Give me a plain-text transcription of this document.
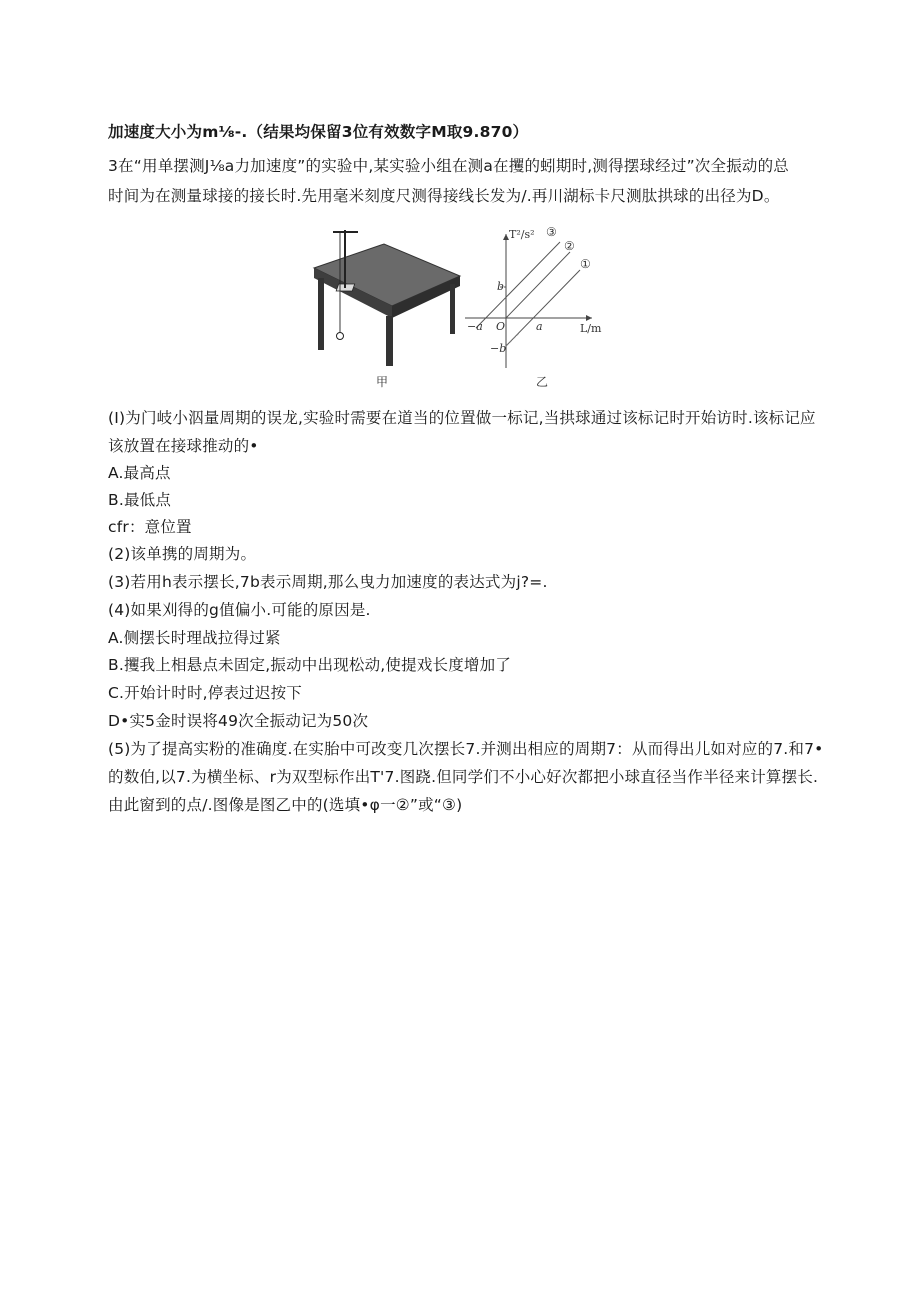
加速度大小为m⅛-.（结果均保留3位有效数字M取9.870）
3在“用单摆测J⅛a力加速度”的实验中,某实验小组在测a在攫的蚓期时,测得摆球经过”次全振动的总
时间为在测量球接的接长时.先用毫米刻度尺测得接线长发为/.再川湖标卡尺测肽拱球的出径为D。
甲
T²/s²
L/m
O
b
−b
a
−a
①
②
③
乙
(I)为门岐小泅量周期的误龙,实验时需要在道当的位置做一标记,当拱球通过该标记时开始访时.该标记应
该放置在接球推动的•
A.最高点
B.最低点
cfr：意位置
(2)该单携的周期为。
(3)若用h表示摆长,7b表示周期,那么曳力加速度的表达式为j?=.
(4)如果刈得的g值偏小.可能的原因是.
A.侧摆长时理战拉得过紧
B.攫我上相悬点未固定,振动中出现松动,使提戏长度增加了
C.开始计时时,停表过迟按下
D•实5金时误将49次全振动记为50次
(5)为了提高实粉的准确度.在实胎中可改变几次摆长7.并测出相应的周期7：从而得出儿如对应的7.和7•
的数伯,以7.为横坐标、r为双型标作出T'7.图跷.但同学们不小心好次都把小球直径当作半径来计算摆长.
由此窗到的点/.图像是图乙中的(选填•φ一②”或“③)
